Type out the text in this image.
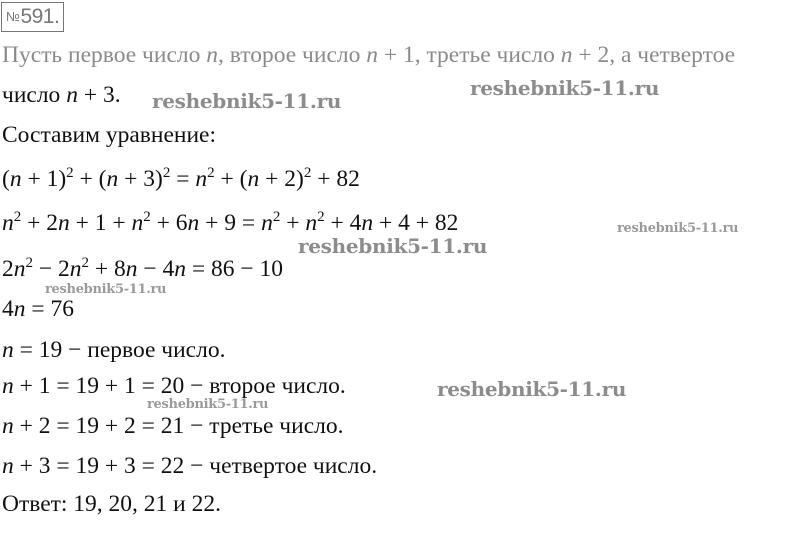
№591.
Пусть первое число n, второе число n + 1, третье число n + 2, а четвертое
число n + 3.
Составим уравнение:
$(n + 1)^2 + (n + 3)^2 = n^2 + (n + 2)^2 + 82$
$n^2 + 2n + 1 + n^2 + 6n + 9 = n^2 + n^2 + 4n + 4 + 82$
$2n^2 - 2n^2 + 8n - 4n = 86 - 10$
4n = 76
n = 19 − первое число.
n + 1 = 19 + 1 = 20 − второе число.
n + 2 = 19 + 2 = 21 − третье число.
n + 3 = 19 + 3 = 22 − четвертое число.
Ответ: 19, 20, 21 и 22.
reshebnik5-11.ru
reshebnik5-11.ru
reshebnik5-11.ru
reshebnik5-11.ru
reshebnik5-11.ru
reshebnik5-11.ru
reshebnik5-11.ru
